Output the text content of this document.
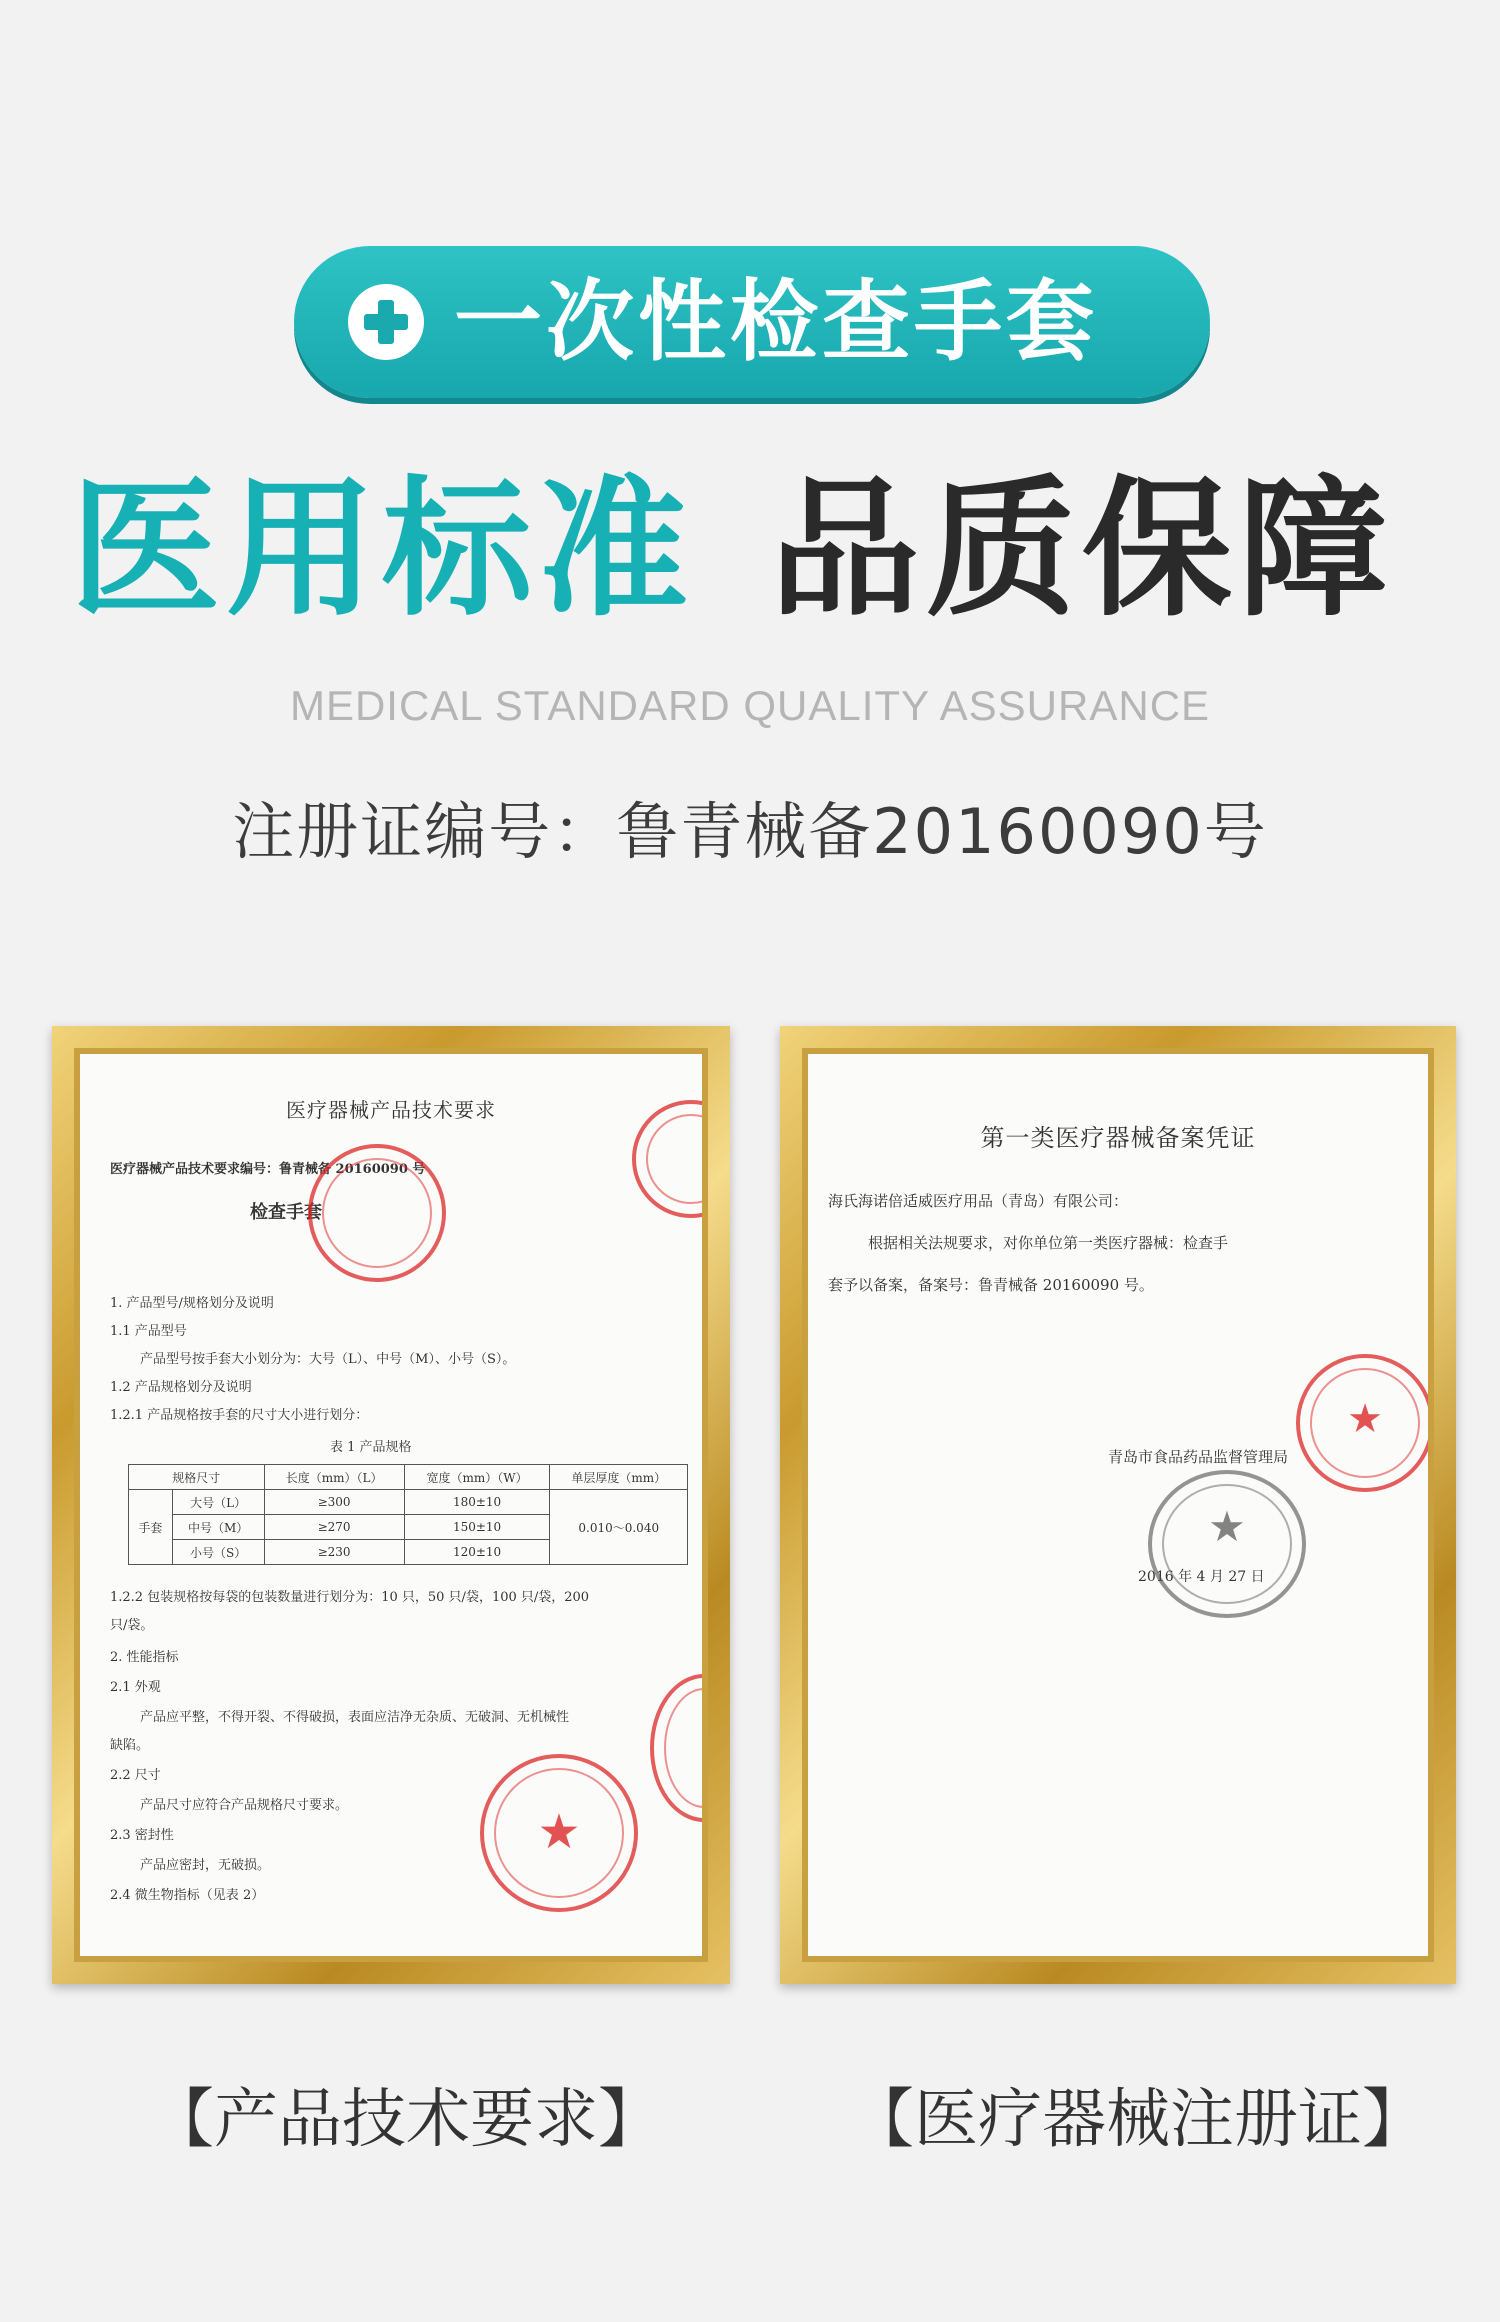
一次性检查手套
医用标准 品质保障
MEDICAL STANDARD QUALITY ASSURANCE
注册证编号：鲁青械备20160090号
医疗器械产品技术要求
医疗器械产品技术要求编号：鲁青械备 20160090 号
检查手套
1. 产品型号/规格划分及说明
1.1 产品型号
产品型号按手套大小划分为：大号（L）、中号（M）、小号（S）。
1.2 产品规格划分及说明
1.2.1 产品规格按手套的尺寸大小进行划分：
表 1 产品规格
规格尺寸		长度（mm）（L）	宽度（mm）（W）	单层厚度（mm）
手套	大号（L）	≥300	180±10	0.010～0.040
	中号（M）	≥270	150±10	
	小号（S）	≥230	120±10	
1.2.2 包装规格按每袋的包装数量进行划分为：10 只，50 只/袋，100 只/袋，200
只/袋。
2. 性能指标
2.1 外观
产品应平整，不得开裂、不得破损，表面应洁净无杂质、无破洞、无机械性
缺陷。
2.2 尺寸
产品尺寸应符合产品规格尺寸要求。
2.3 密封性
产品应密封，无破损。
2.4 微生物指标（见表 2）
★
第一类医疗器械备案凭证
海氏海诺倍适威医疗用品（青岛）有限公司：
根据相关法规要求，对你单位第一类医疗器械：检查手
套予以备案，备案号：鲁青械备 20160090 号。
青岛市食品药品监督管理局
2016 年 4 月 27 日
★
★
【产品技术要求】	【医疗器械注册证】
